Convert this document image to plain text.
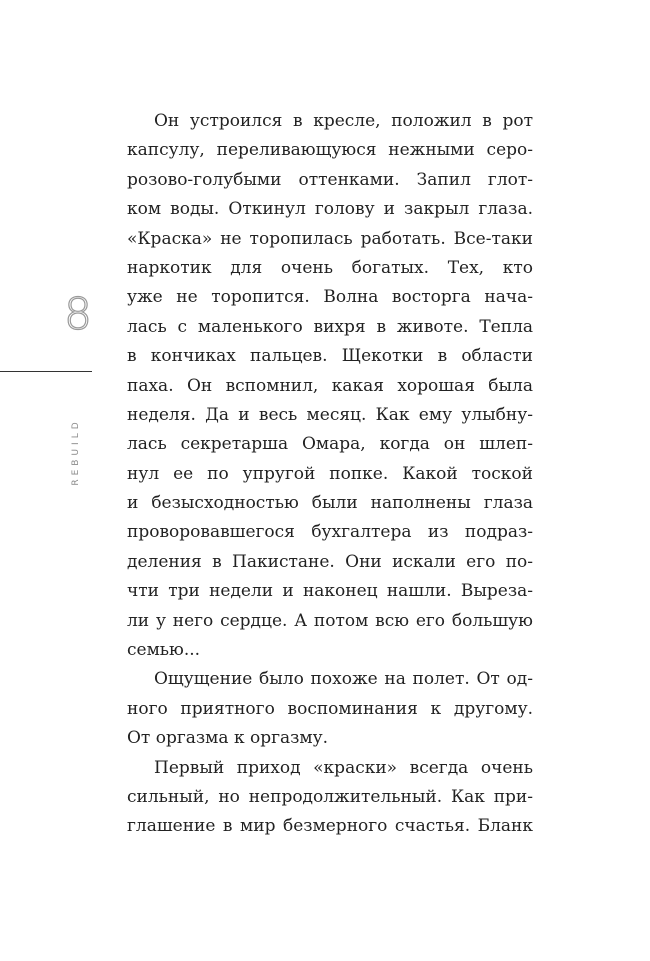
8
REBUILD

Он устроился в кресле, положил в рот
капсулу, переливающуюся нежными серо-
розово-голубыми оттенками. Запил глот-
ком воды. Откинул голову и закрыл глаза.
«Краска» не торопилась работать. Все-таки
наркотик для очень богатых. Тех, кто
уже не торопится. Волна восторга нача-
лась с маленького вихря в животе. Тепла
в кончиках пальцев. Щекотки в области
паха. Он вспомнил, какая хорошая была
неделя. Да и весь месяц. Как ему улыбну-
лась секретарша Омара, когда он шлеп-
нул ее по упругой попке. Какой тоской
и безысходностью были наполнены глаза
проворовавшегося бухгалтера из подраз-
деления в Пакистане. Они искали его по-
чти три недели и наконец нашли. Выреза-
ли у него сердце. А потом всю его большую
семью...

Ощущение было похоже на полет. От од-
ного приятного воспоминания к другому.
От оргазма к оргазму.

Первый приход «краски» всегда очень
сильный, но непродолжительный. Как при-
глашение в мир безмерного счастья. Бланк
